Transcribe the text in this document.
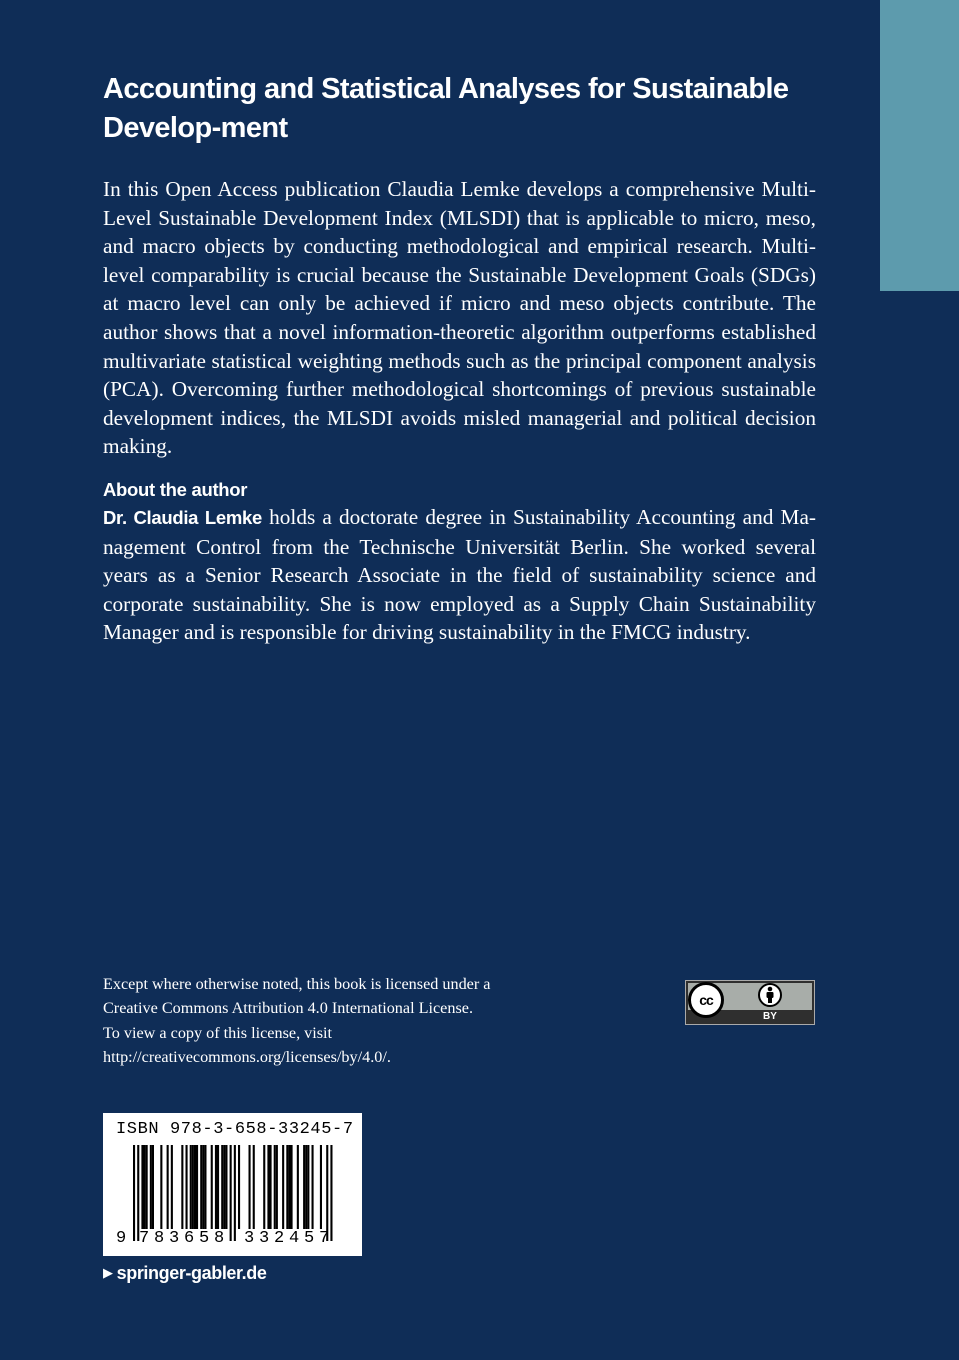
Accounting and Statistical Analyses for Sustainable Develop-ment

In this Open Access publication Claudia Lemke develops a comprehensive Multi-Level Sustainable Development Index (MLSDI) that is applicable to micro, meso, and macro objects by conducting methodological and empirical research. Multi-level comparability is crucial because the Sustainable Development Goals (SDGs) at macro level can only be achieved if micro and meso objects contribute. The author shows that a novel information-theoretic algorithm outperforms established multivariate statistical weighting methods such as the principal component analysis (PCA). Overcoming further methodological shortcomings of previous sustainable development indices, the MLSDI avoids misled managerial and political decision making.

About the author

Dr. Claudia Lemke holds a doctorate degree in Sustainability Accounting and Ma-nagement Control from the Technische Universität Berlin. She worked several years as a Senior Research Associate in the field of sustainability science and corporate sustainability. She is now employed as a Supply Chain Sustainability Manager and is responsible for driving sustainability in the FMCG industry.

Except where otherwise noted, this book is licensed under a
Creative Commons Attribution 4.0 International License.
To view a copy of this license, visit
http://creativecommons.org/licenses/by/4.0/.
cc
BY
ISBN 978-3-658-33245-7
9 7 8 3 6 5 8 3 3 2 4 5 7
▶ springer-gabler.de
